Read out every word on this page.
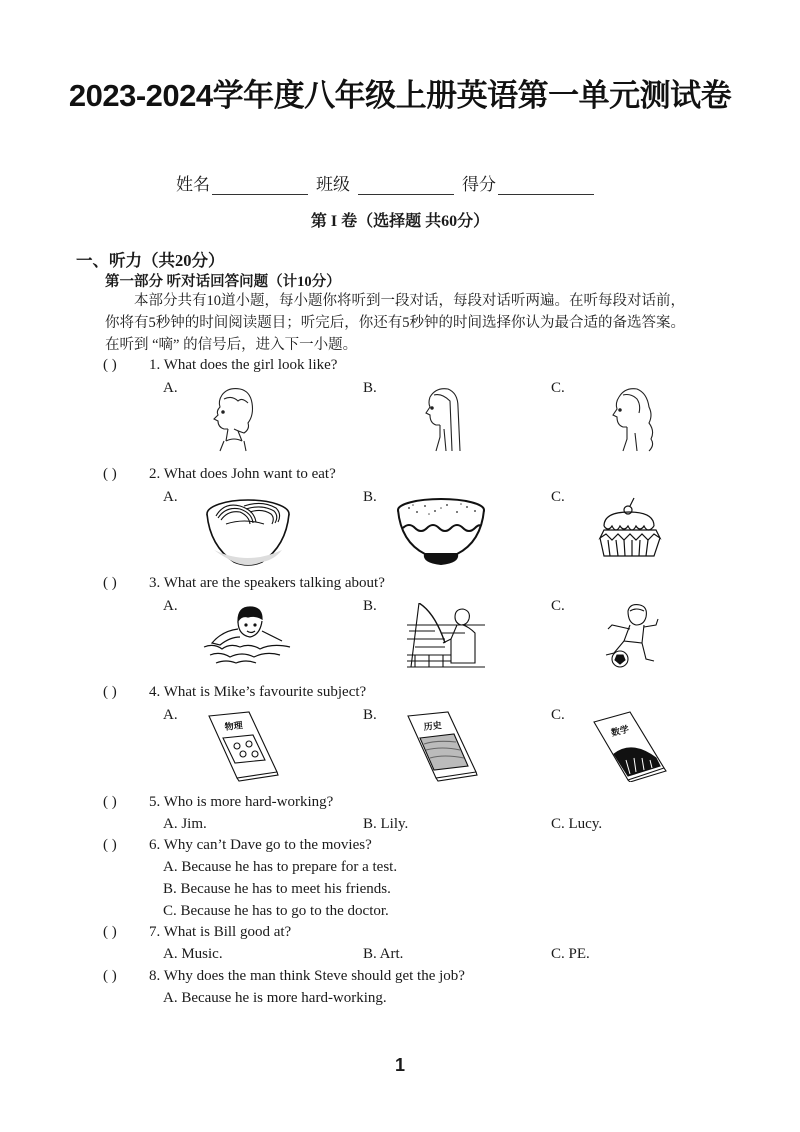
2023-2024学年度八年级上册英语第一单元测试卷
姓名	班级	得分
第 I 卷（选择题 共60分）
一、听力（共20分）
第一部分 听对话回答问题（计10分）
本部分共有10道小题，每小题你将听到一段对话，每段对话听两遍。在听每段对话前，
你将有5秒钟的时间阅读题目；听完后，你还有5秒钟的时间选择你认为最合适的备选答案。
在听到 “嘀” 的信号后，进入下一小题。
( ) 1. What does the girl look like?
A.	B.	C.
( ) 2. What does John want to eat?
A.	B.	C.
( ) 3. What are the speakers talking about?
A.	B.	C.
( ) 4. What is Mike’s favourite subject?
A.	B.	C.
物理	历史	数学
( ) 5. Who is more hard-working?
A. Jim.	B. Lily.	C. Lucy.
( ) 6. Why can’t Dave go to the movies?
A. Because he has to prepare for a test.
B. Because he has to meet his friends.
C. Because he has to go to the doctor.
( ) 7. What is Bill good at?
A. Music.	B. Art.	C. PE.
( ) 8. Why does the man think Steve should get the job?
A. Because he is more hard-working.
1
